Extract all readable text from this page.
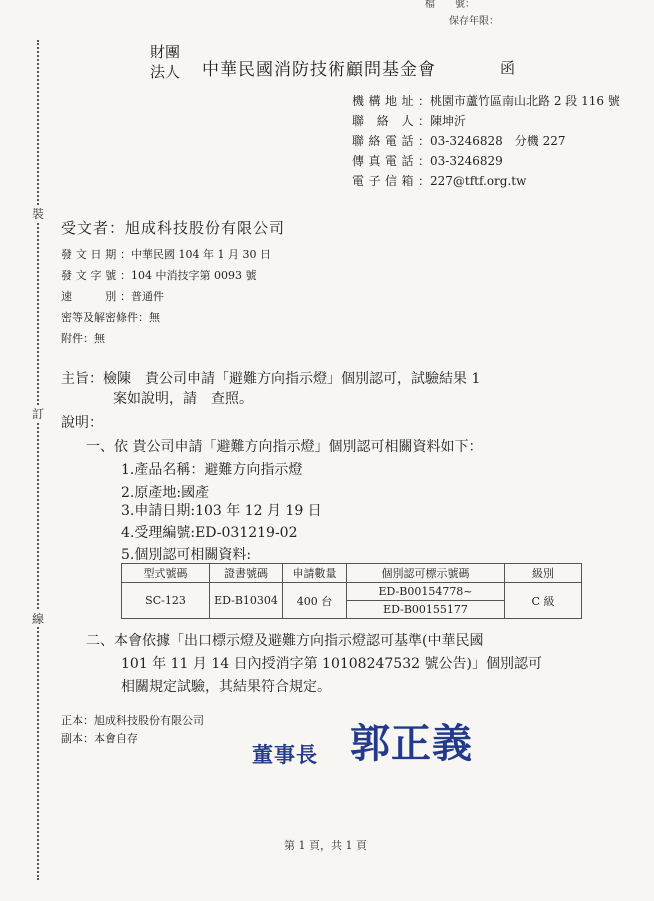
裝
訂
線
檔　　號：
保存年限：
財團
法人 中華民國消防技術顧問基金會	函
機構地址：桃園市蘆竹區南山北路 2 段 116 號
聯 絡 人：陳坤沂
聯絡電話：03-3246828　分機 227
傳真電話：03-3246829
電子信箱：227@tftf.org.tw
受文者：旭成科技股份有限公司
發文日期：中華民國 104 年 1 月 30 日
發文字號：104 中消技字第 0093 號
速　　別：普通件
密等及解密條件：無
附件：無
主旨：檢陳　貴公司申請「避難方向指示燈」個別認可，試驗結果 1
案如說明，請　查照。
說明：
一、依 貴公司申請「避難方向指示燈」個別認可相關資料如下：
1.產品名稱：避難方向指示燈
2.原產地:國產
3.申請日期:103 年 12 月 19 日
4.受理編號:ED-031219-02
5.個別認可相關資料:
型式號碼	證書號碼	申請數量	個別認可標示號碼	級別
SC-123	ED-B10304	400 台	ED-B00154778~	C 級
			ED-B00155177	
二、本會依據「出口標示燈及避難方向指示燈認可基準(中華民國
101 年 11 月 14 日內授消字第 10108247532 號公告)」個別認可
相關規定試驗，其結果符合規定。
正本：旭成科技股份有限公司
副本：本會自存
董事長 郭正義
第 1 頁，共 1 頁
